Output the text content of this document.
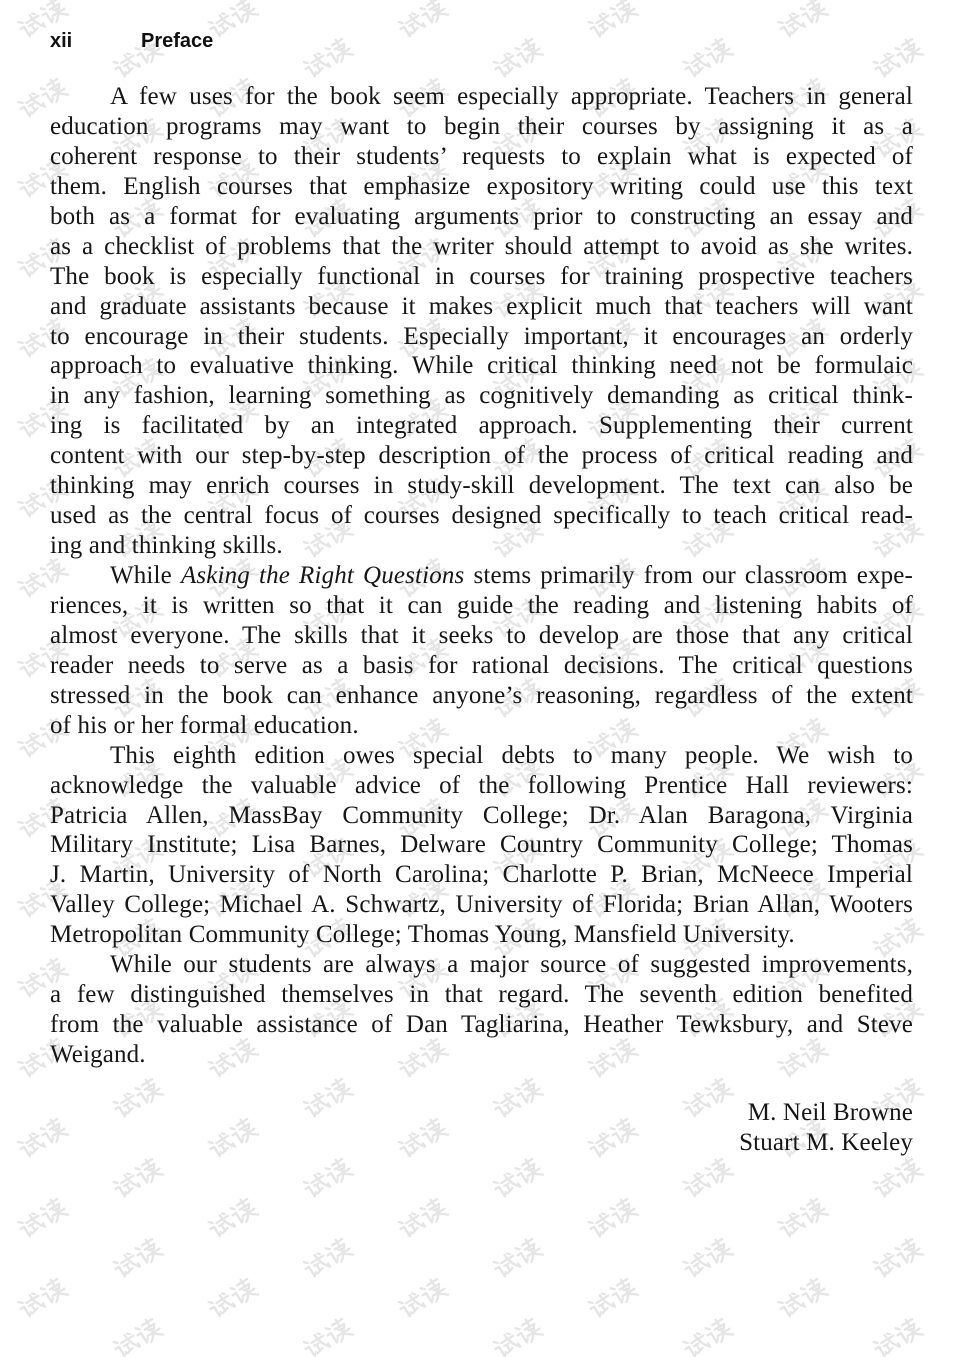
xii	Preface
A few uses for the book seem especially appropriate. Teachers in general
education programs may want to begin their courses by assigning it as a
coherent response to their students’ requests to explain what is expected of
them. English courses that emphasize expository writing could use this text
both as a format for evaluating arguments prior to constructing an essay and
as a checklist of problems that the writer should attempt to avoid as she writes.
The book is especially functional in courses for training prospective teachers
and graduate assistants because it makes explicit much that teachers will want
to encourage in their students. Especially important, it encourages an orderly
approach to evaluative thinking. While critical thinking need not be formulaic
in any fashion, learning something as cognitively demanding as critical think-
ing is facilitated by an integrated approach. Supplementing their current
content with our step-by-step description of the process of critical reading and
thinking may enrich courses in study-skill development. The text can also be
used as the central focus of courses designed specifically to teach critical read-
ing and thinking skills.
While Asking the Right Questions stems primarily from our classroom expe-
riences, it is written so that it can guide the reading and listening habits of
almost everyone. The skills that it seeks to develop are those that any critical
reader needs to serve as a basis for rational decisions. The critical questions
stressed in the book can enhance anyone’s reasoning, regardless of the extent
of his or her formal education.
This eighth edition owes special debts to many people. We wish to
acknowledge the valuable advice of the following Prentice Hall reviewers:
Patricia Allen, MassBay Community College; Dr. Alan Baragona, Virginia
Military Institute; Lisa Barnes, Delware Country Community College; Thomas
J. Martin, University of North Carolina; Charlotte P. Brian, McNeece Imperial
Valley College; Michael A. Schwartz, University of Florida; Brian Allan, Wooters
Metropolitan Community College; Thomas Young, Mansfield University.
While our students are always a major source of suggested improvements,
a few distinguished themselves in that regard. The seventh edition benefited
from the valuable assistance of Dan Tagliarina, Heather Tewksbury, and Steve
Weigand.
M. Neil Browne
Stuart M. Keeley
